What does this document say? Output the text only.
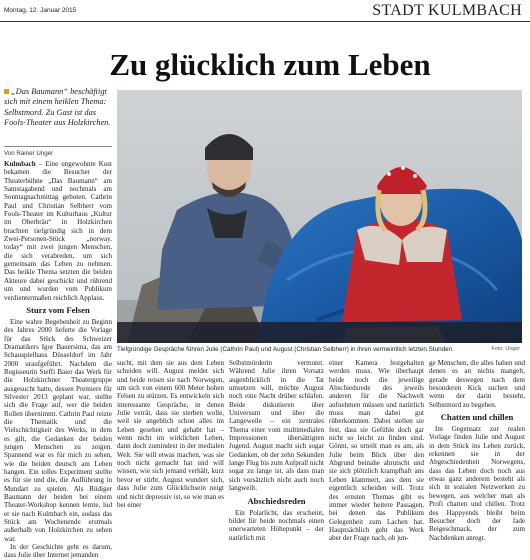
Montag, 12. Januar 2015	STADT KULMBACH
Zu glücklich zum Leben
„Das Baumann“ beschäftigt sich mit einem heiklen Thema: Selbstmord. Zu Gast ist das Fools-Theater aus Holzkirchen.
Von Rainer Unger
Tiefgründige Gespräche führen Julie (Cathrin Paul) und August (Christian Selbherr) in ihren vermeintlich letzten Stunden.	Foto: Unger

Kulmbach – Eine ungewohnte Kost bekamen die Besucher der Theaterbühne „Das Baumann“ am Samstagabend und nochmals am Sonntagnachmittag geboten. Cathrin Paul und Christian Selbherr vom Fools-Theater im Kulturhaus „Kultur im Oberbräu“ in Holzkirchen brachten tiefgründig sich in dem Zwei-Personen-Stück „norway. today“ mit zwei jungen Menschen, die sich verabreden, um sich gemeinsam das Leben zu nehmen. Das heikle Thema setzten die beiden Akteure dabei geschickt und rührend um und wurden vom Publikum verdientermaßen reichlich Applaus.

Sturz vom Felsen

Eine wahre Begebenheit zu Beginn des Jahres 2000 lieferte die Vorlage für das Stück des Schweizer Dramatikers Igor Bauersima, das am Schauspielhaus Düsseldorf im Jahr 2000 uraufgeführt. Nachdem die Regisseurin Steffi Baier das Werk für die Holzkirchner Theatergruppe ausgesucht hatte, dessen Premiere für Silvester 2013 geplant war, stellte sich die Frage auf, wer die beiden Rollen übernimmt. Cathrin Paul reizte die Thematik und die Vielschichtigkeit des Werks, in dem es gilt, die Gedanken der beiden jungen Menschen zu zeigen. Spannend war es für mich zu sehen, wie die beiden deutsch am Leben hangen. Ein tolles Experiment stellte es für sie und die, die Aufführung in Mundart zu spielen. Als Rüdiger Baumann der beiden bei einem Theater-Workshop kennen lernte, lud er sie nach Kulmbach ein, sodass das Stück am Wochenende erstmals außerhalb von Holzkirchen zu sehen war.

In der Geschichte geht es darum, dass Julie über Internet jemanden

sucht, mit dem sie aus dem Leben scheiden will. August meldet sich und beide reisen sie nach Norwegen, um sich von einem 600 Meter hohen Felsen zu stürzen. Es entwickeln sich interessante Gespräche, in denen Julie verrät, dass sie sterben wolle, weil sie angeblich schon alles im Leben gesehen und gehabt hat – wenn nicht im wirklichen Leben, dann doch zumindest in der medialen Welt. Sie will etwas machen, was sie noch nicht gemacht hat und will wissen, wie sich jemand verhält, kurz bevor er stirbt. August wundert sich, dass Julie zum Glücklichsein neigt und nicht depressiv ist, so wie man es bei einer

Selbstmörderin vermutet. Während Julie ihren Vorsatz augenblicklich in die Tat umsetzen will, möchte August noch eine Nacht drüber schlafen. Beide diskutieren über Universum und über die Langeweile – ein zentrales Thema einer vom multimedialen Impressionen übersättigten Jugend. August macht sich sogar Gedanken, ob der zehn Sekunden lange Flug bis zum Aufprall nicht sogar zu lange ist, als dass man sich vorsätzlich nicht auch noch langweilt.

Abschiedsreden

Ein Polarlicht, das erscheint, bildet für beide nochmals einen unerwarteten Höhepunkt – der natürlich mit

einer Kamera festgehalten werden muss. Wie überhaupt beide noch die jeweilige Abschiedsrede des jeweils anderen für die Nachwelt aufnehmen müssen und natürlich muss man dabei gut rüberkommen. Dabei stellen sie fest, dass sie Gefühle doch gar nicht so leicht zu finden sind. Gönnt, so urteilt man es am, als Julie beim Blick über den Abgrund beinahe abrutscht und sie sich plötzlich krampfhaft ans Leben klammert, aus dem sie eigentlich scheiden will. Trotz des ernsten Themas gibt es immer wieder heitere Passagen, bei denen das Publikum Gelegenheit zum Lachen hat. Hauptsächlich geht das Werk aber der Frage nach, ob jun-

ge Menschen, die alles haben und denen es an nichts mangelt, gerade deswegen nach dem besonderen Kick suchen und wenn der darin besteht, Selbstmord zu begehen.

Chatten und chillen

Im Gegensatz zur realen Vorlage finden Julie und August in dem Stück ins Leben zurück, erkennen sie in der Abgeschiedenheit Norwegens, dass das Leben doch noch aus etwas ganz anderem besteht als sich in sozialen Netzwerken zu bewegen, aus welcher man als Profi chatten und chillen. Trotz des Happyends bleibt beim Besucher doch der fade Beigeschmack, der zum Nachdenken anregt.
